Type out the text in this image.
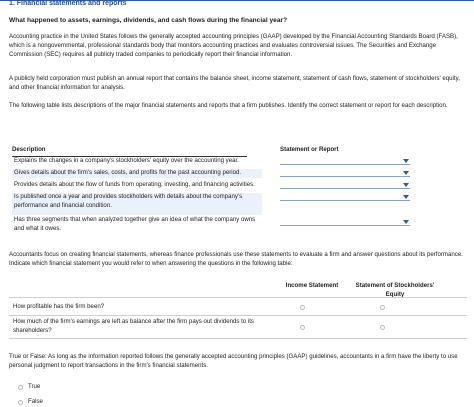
1. Financial statements and reports
What happened to assets, earnings, dividends, and cash flows during the financial year?
Accounting practice in the United States follows the generally accepted accounting principles (GAAP) developed by the Financial Accounting Standards Board (FASB), which is a nongovernmental, professional standards body that monitors accounting practices and evaluates controversial issues. The Securities and Exchange Commission (SEC) requires all publicly traded companies to periodically report their financial information.
A publicly held corporation must publish an annual report that contains the balance sheet, income statement, statement of cash flows, statement of stockholders' equity, and other financial information for analysis.
The following table lists descriptions of the major financial statements and reports that a firm publishes. Identify the correct statement or report for each description.
Description	Statement or Report
Explains the changes in a company's stockholders' equity over the accounting year.
Gives details about the firm's sales, costs, and profits for the past accounting period.
Provides details about the flow of funds from operating, investing, and financing activities.
Is published once a year and provides stockholders with details about the company's performance and financial condition.
Has three segments that when analyzed together give an idea of what the company owns and what it owes.
Accountants focus on creating financial statements, whereas finance professionals use these statements to evaluate a firm and answer questions about its performance. Indicate which financial statement you would refer to when answering the questions in the following table:
Income Statement	Statement of Stockholders' Equity
How profitable has the firm been?
How much of the firm's earnings are left as balance after the firm pays out dividends to its shareholders?
True or False: As long as the information reported follows the generally accepted accounting principles (GAAP) guidelines, accountants in a firm have the liberty to use personal judgment to report transactions in the firm's financial statements.
True
False
